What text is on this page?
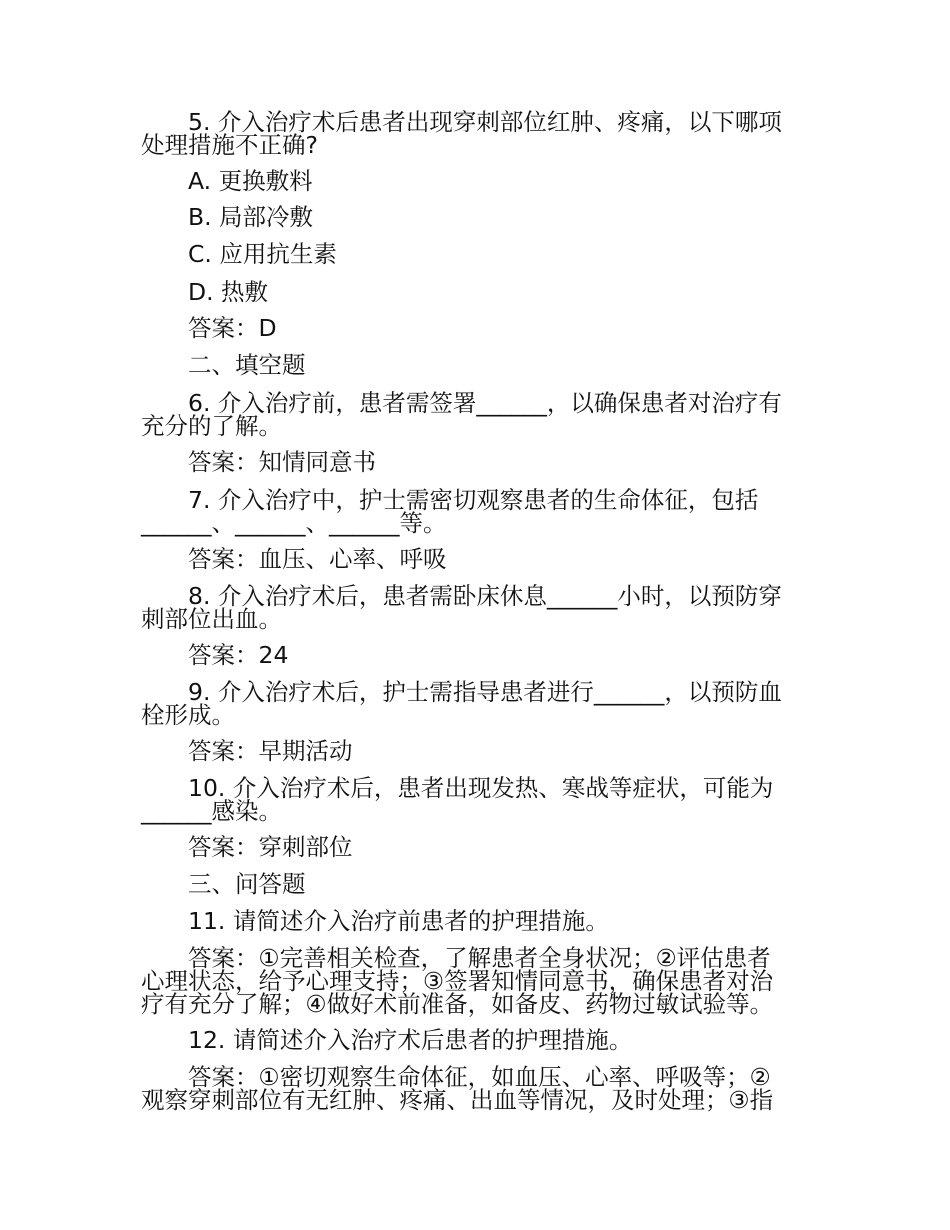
5. 介入治疗术后患者出现穿刺部位红肿、疼痛，以下哪项
处理措施不正确?
A. 更换敷料
B. 局部冷敷
C. 应用抗生素
D. 热敷
答案：D
二、填空题
6. 介入治疗前，患者需签署______，以确保患者对治疗有
充分的了解。
答案：知情同意书
7. 介入治疗中，护士需密切观察患者的生命体征，包括
______、______、______等。
答案：血压、心率、呼吸
8. 介入治疗术后，患者需卧床休息______小时，以预防穿
刺部位出血。
答案：24
9. 介入治疗术后，护士需指导患者进行______，以预防血
栓形成。
答案：早期活动
10. 介入治疗术后，患者出现发热、寒战等症状，可能为
______感染。
答案：穿刺部位
三、问答题
11. 请简述介入治疗前患者的护理措施。
答案：①完善相关检查，了解患者全身状况；②评估患者
心理状态，给予心理支持；③签署知情同意书，确保患者对治
疗有充分了解；④做好术前准备，如备皮、药物过敏试验等。
12. 请简述介入治疗术后患者的护理措施。
答案：①密切观察生命体征，如血压、心率、呼吸等；②
观察穿刺部位有无红肿、疼痛、出血等情况，及时处理；③指
